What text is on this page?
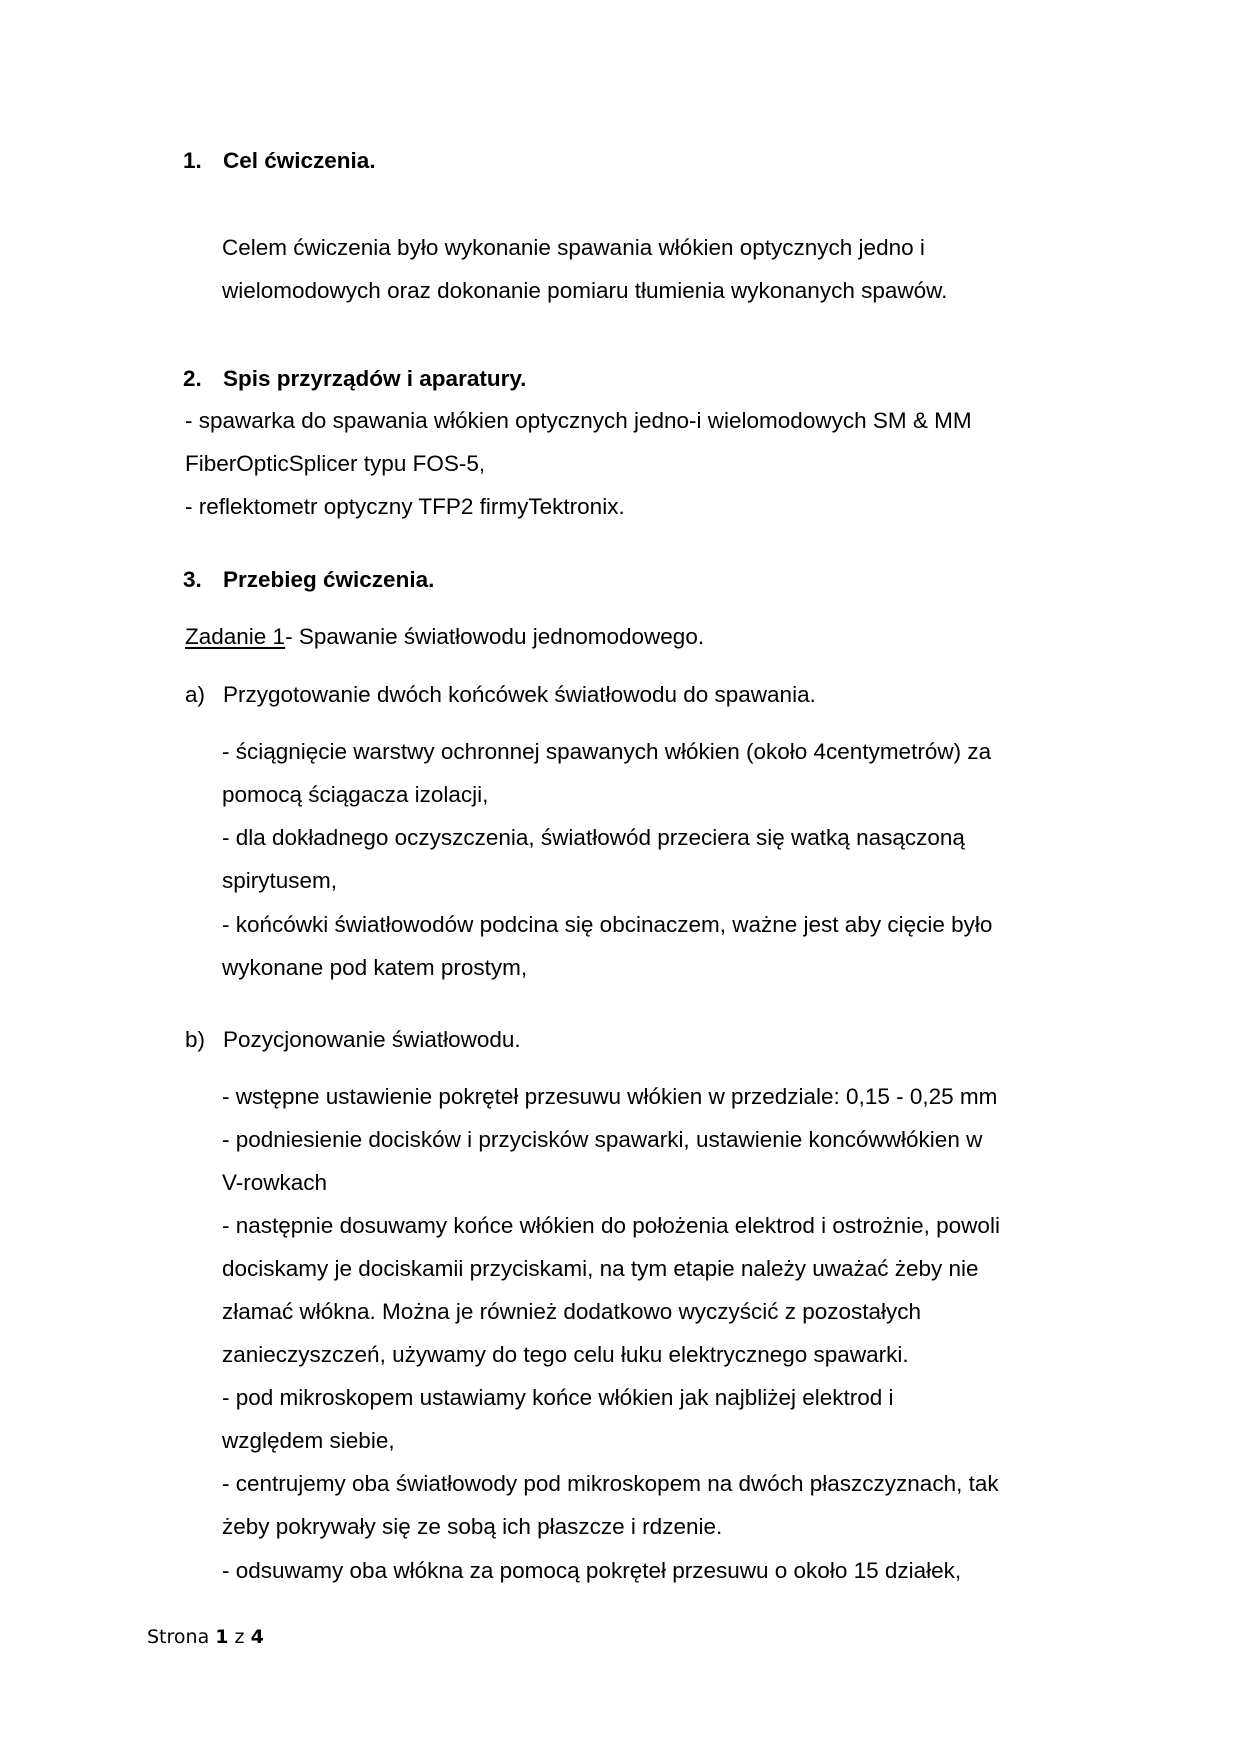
1. Cel ćwiczenia.

Celem ćwiczenia było wykonanie spawania włókien optycznych jedno i

wielomodowych oraz dokonanie pomiaru tłumienia wykonanych spawów.

2. Spis przyrządów i aparatury.

- spawarka do spawania włókien optycznych jedno-i wielomodowych SM & MM

FiberOpticSplicer typu FOS-5,

- reflektometr optyczny TFP2 firmyTektronix.

3. Przebieg ćwiczenia.

Zadanie 1- Spawanie światłowodu jednomodowego.

a) Przygotowanie dwóch końcówek światłowodu do spawania.

- ściągnięcie warstwy ochronnej spawanych włókien (około 4centymetrów) za

pomocą ściągacza izolacji,

- dla dokładnego oczyszczenia, światłowód przeciera się watką nasączoną

spirytusem,

- końcówki światłowodów podcina się obcinaczem, ważne jest aby cięcie było

wykonane pod katem prostym,

b) Pozycjonowanie światłowodu.

- wstępne ustawienie pokręteł przesuwu włókien w przedziale: 0,15 - 0,25 mm

- podniesienie docisków i przycisków spawarki, ustawienie koncówwłókien w

V-rowkach

- następnie dosuwamy końce włókien do położenia elektrod i ostrożnie, powoli

dociskamy je dociskamii przyciskami, na tym etapie należy uważać żeby nie

złamać włókna. Można je również dodatkowo wyczyścić z pozostałych

zanieczyszczeń, używamy do tego celu łuku elektrycznego spawarki.

- pod mikroskopem ustawiamy końce włókien jak najbliżej elektrod i

względem siebie,

- centrujemy oba światłowody pod mikroskopem na dwóch płaszczyznach, tak

żeby pokrywały się ze sobą ich płaszcze i rdzenie.

- odsuwamy oba włókna za pomocą pokręteł przesuwu o około 15 działek,

Strona 1 z 4
